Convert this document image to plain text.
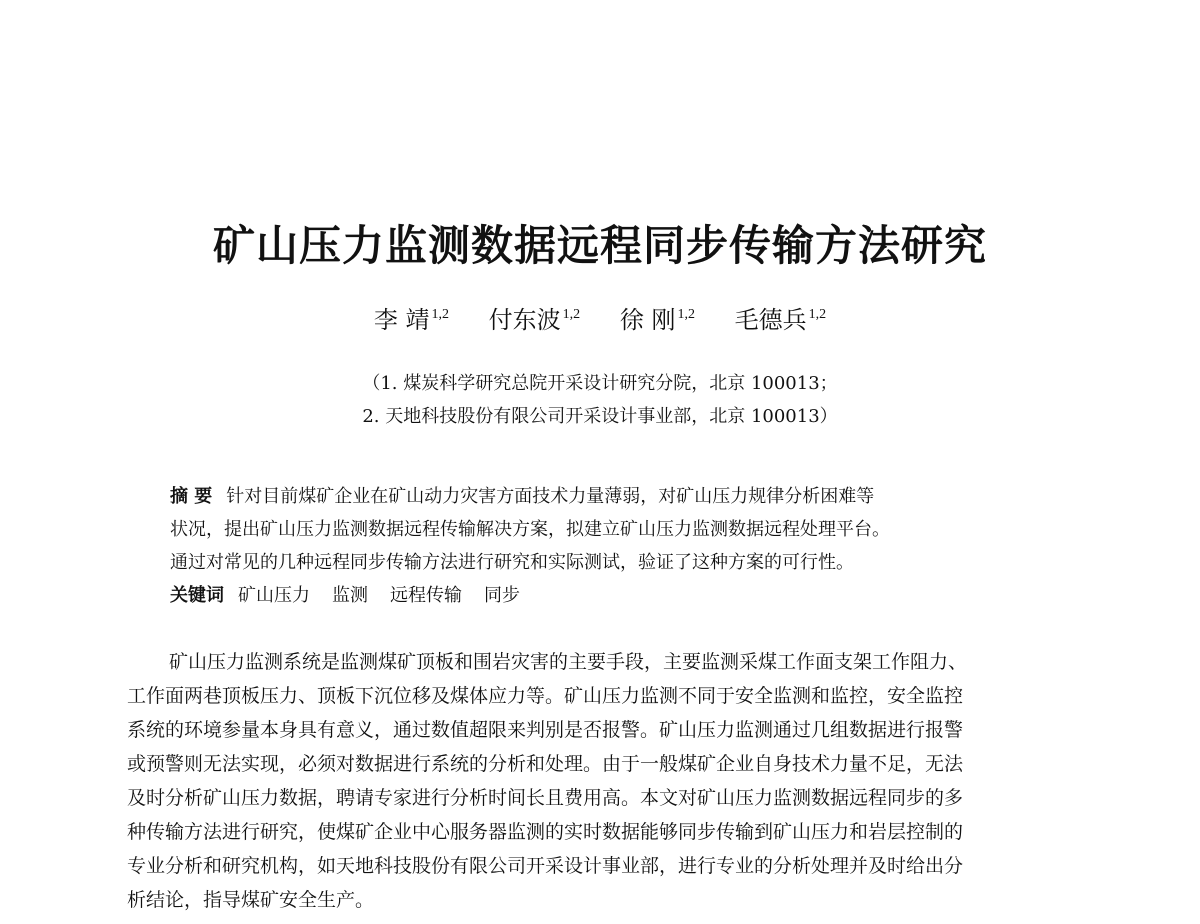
矿山压力监测数据远程同步传输方法研究
李 靖 $^{1,2}$ 付东波 $^{1,2}$ 徐 刚 $^{1,2}$ 毛德兵 $^{1,2}$
（1. 煤炭科学研究总院开采设计研究分院，北京 100013；
2. 天地科技股份有限公司开采设计事业部，北京 100013）
摘 要 针对目前煤矿企业在矿山动力灾害方面技术力量薄弱，对矿山压力规律分析困难等
状况，提出矿山压力监测数据远程传输解决方案，拟建立矿山压力监测数据远程处理平台。
通过对常见的几种远程同步传输方法进行研究和实际测试，验证了这种方案的可行性。
关键词 矿山压力 监测 远程传输 同步
矿山压力监测系统是监测煤矿顶板和围岩灾害的主要手段，主要监测采煤工作面支架工作阻力、
工作面两巷顶板压力、顶板下沉位移及煤体应力等。矿山压力监测不同于安全监测和监控，安全监控
系统的环境参量本身具有意义，通过数值超限来判别是否报警。矿山压力监测通过几组数据进行报警
或预警则无法实现，必须对数据进行系统的分析和处理。由于一般煤矿企业自身技术力量不足，无法
及时分析矿山压力数据，聘请专家进行分析时间长且费用高。本文对矿山压力监测数据远程同步的多
种传输方法进行研究，使煤矿企业中心服务器监测的实时数据能够同步传输到矿山压力和岩层控制的
专业分析和研究机构，如天地科技股份有限公司开采设计事业部，进行专业的分析处理并及时给出分
析结论，指导煤矿安全生产。
